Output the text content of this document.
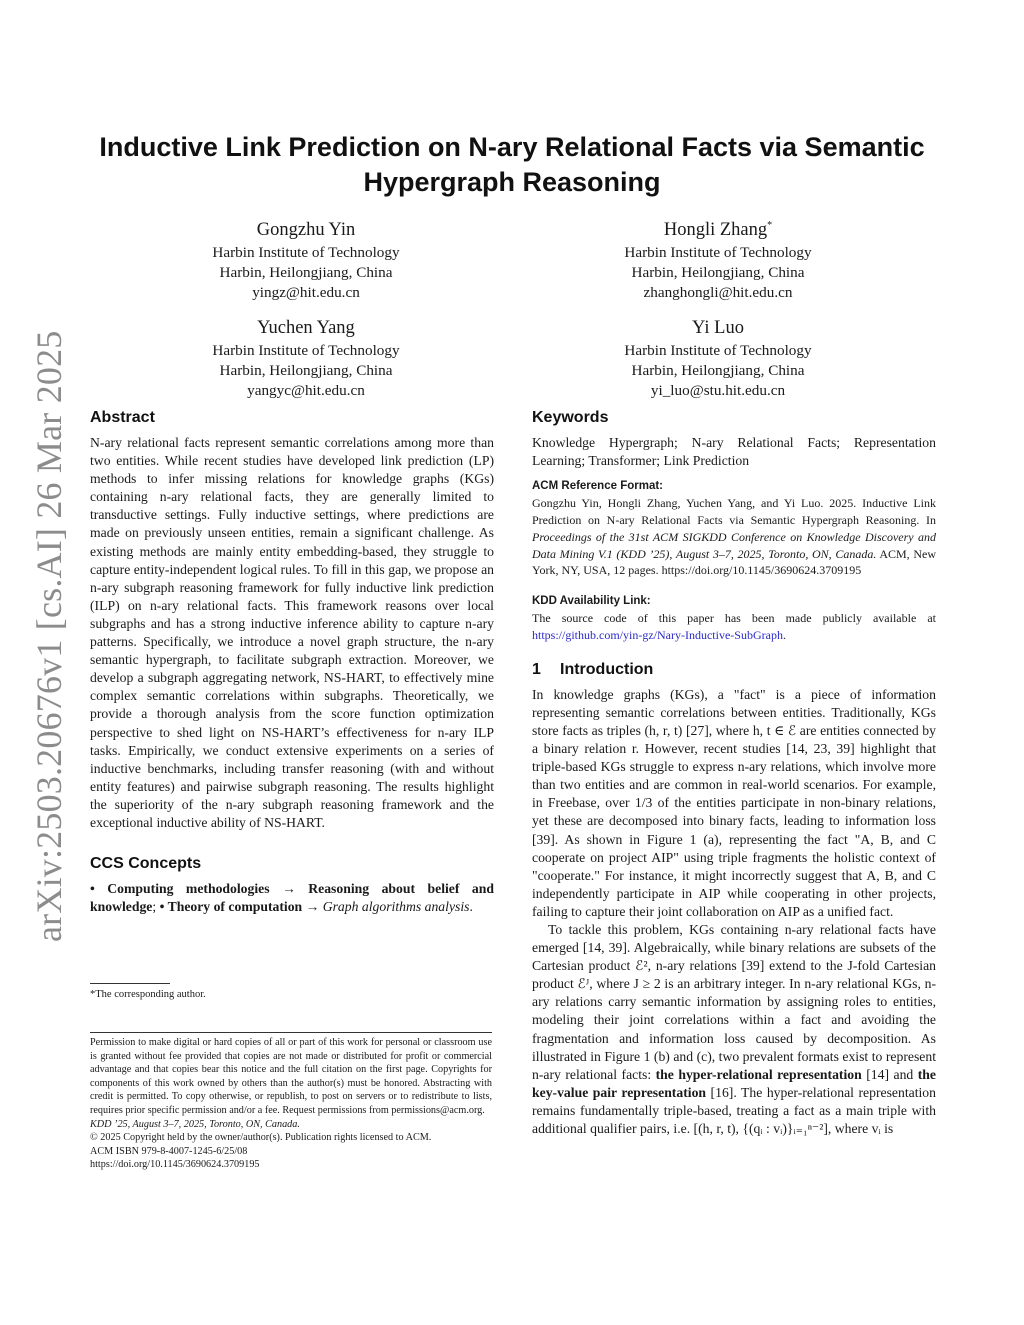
arXiv:2503.20676v1 [cs.AI] 26 Mar 2025
Inductive Link Prediction on N-ary Relational Facts via Semantic Hypergraph Reasoning
Gongzhu Yin
Harbin Institute of Technology
Harbin, Heilongjiang, China
yingz@hit.edu.cn
Hongli Zhang*
Harbin Institute of Technology
Harbin, Heilongjiang, China
zhanghongli@hit.edu.cn
Yuchen Yang
Harbin Institute of Technology
Harbin, Heilongjiang, China
yangyc@hit.edu.cn
Yi Luo
Harbin Institute of Technology
Harbin, Heilongjiang, China
yi_luo@stu.hit.edu.cn
Abstract
N-ary relational facts represent semantic correlations among more than two entities. While recent studies have developed link prediction (LP) methods to infer missing relations for knowledge graphs (KGs) containing n-ary relational facts, they are generally limited to transductive settings. Fully inductive settings, where predictions are made on previously unseen entities, remain a significant challenge. As existing methods are mainly entity embedding-based, they struggle to capture entity-independent logical rules. To fill in this gap, we propose an n-ary subgraph reasoning framework for fully inductive link prediction (ILP) on n-ary relational facts. This framework reasons over local subgraphs and has a strong inductive inference ability to capture n-ary patterns. Specifically, we introduce a novel graph structure, the n-ary semantic hypergraph, to facilitate subgraph extraction. Moreover, we develop a subgraph aggregating network, NS-HART, to effectively mine complex semantic correlations within subgraphs. Theoretically, we provide a thorough analysis from the score function optimization perspective to shed light on NS-HART’s effectiveness for n-ary ILP tasks. Empirically, we conduct extensive experiments on a series of inductive benchmarks, including transfer reasoning (with and without entity features) and pairwise subgraph reasoning. The results highlight the superiority of the n-ary subgraph reasoning framework and the exceptional inductive ability of NS-HART.
CCS Concepts
• Computing methodologies → Reasoning about belief and knowledge; • Theory of computation → Graph algorithms analysis.
*The corresponding author.

Permission to make digital or hard copies of all or part of this work for personal or classroom use is granted without fee provided that copies are not made or distributed for profit or commercial advantage and that copies bear this notice and the full citation on the first page. Copyrights for components of this work owned by others than the author(s) must be honored. Abstracting with credit is permitted. To copy otherwise, or republish, to post on servers or to redistribute to lists, requires prior specific permission and/or a fee. Request permissions from permissions@acm.org.

KDD ’25, August 3–7, 2025, Toronto, ON, Canada.

© 2025 Copyright held by the owner/author(s). Publication rights licensed to ACM.

ACM ISBN 979-8-4007-1245-6/25/08

https://doi.org/10.1145/3690624.3709195

Keywords
Knowledge Hypergraph; N-ary Relational Facts; Representation Learning; Transformer; Link Prediction
ACM Reference Format:
Gongzhu Yin, Hongli Zhang, Yuchen Yang, and Yi Luo. 2025. Inductive Link Prediction on N-ary Relational Facts via Semantic Hypergraph Reasoning. In Proceedings of the 31st ACM SIGKDD Conference on Knowledge Discovery and Data Mining V.1 (KDD ’25), August 3–7, 2025, Toronto, ON, Canada. ACM, New York, NY, USA, 12 pages. https://doi.org/10.1145/3690624.3709195
KDD Availability Link:
The source code of this paper has been made publicly available at https://github.com/yin-gz/Nary-Inductive-SubGraph.
1 Introduction

In knowledge graphs (KGs), a "fact" is a piece of information representing semantic correlations between entities. Traditionally, KGs store facts as triples (h, r, t) [27], where h, t ∈ ℰ are entities connected by a binary relation r. However, recent studies [14, 23, 39] highlight that triple-based KGs struggle to express n-ary relations, which involve more than two entities and are common in real-world scenarios. For example, in Freebase, over 1/3 of the entities participate in non-binary relations, yet these are decomposed into binary facts, leading to information loss [39]. As shown in Figure 1 (a), representing the fact "A, B, and C cooperate on project AIP" using triple fragments the holistic context of "cooperate." For instance, it might incorrectly suggest that A, B, and C independently participate in AIP while cooperating in other projects, failing to capture their joint collaboration on AIP as a unified fact.

To tackle this problem, KGs containing n-ary relational facts have emerged [14, 39]. Algebraically, while binary relations are subsets of the Cartesian product ℰ², n-ary relations [39] extend to the J-fold Cartesian product ℰᴶ, where J ≥ 2 is an arbitrary integer. In n-ary relational KGs, n-ary relations carry semantic information by assigning roles to entities, modeling their joint correlations within a fact and avoiding the fragmentation and information loss caused by decomposition. As illustrated in Figure 1 (b) and (c), two prevalent formats exist to represent n-ary relational facts: the hyper-relational representation [14] and the key-value pair representation [16]. The hyper-relational representation remains fundamentally triple-based, treating a fact as a main triple with additional qualifier pairs, i.e. [(h, r, t), {(qᵢ : vᵢ)}ᵢ₌₁ⁿ⁻²], where vᵢ is
